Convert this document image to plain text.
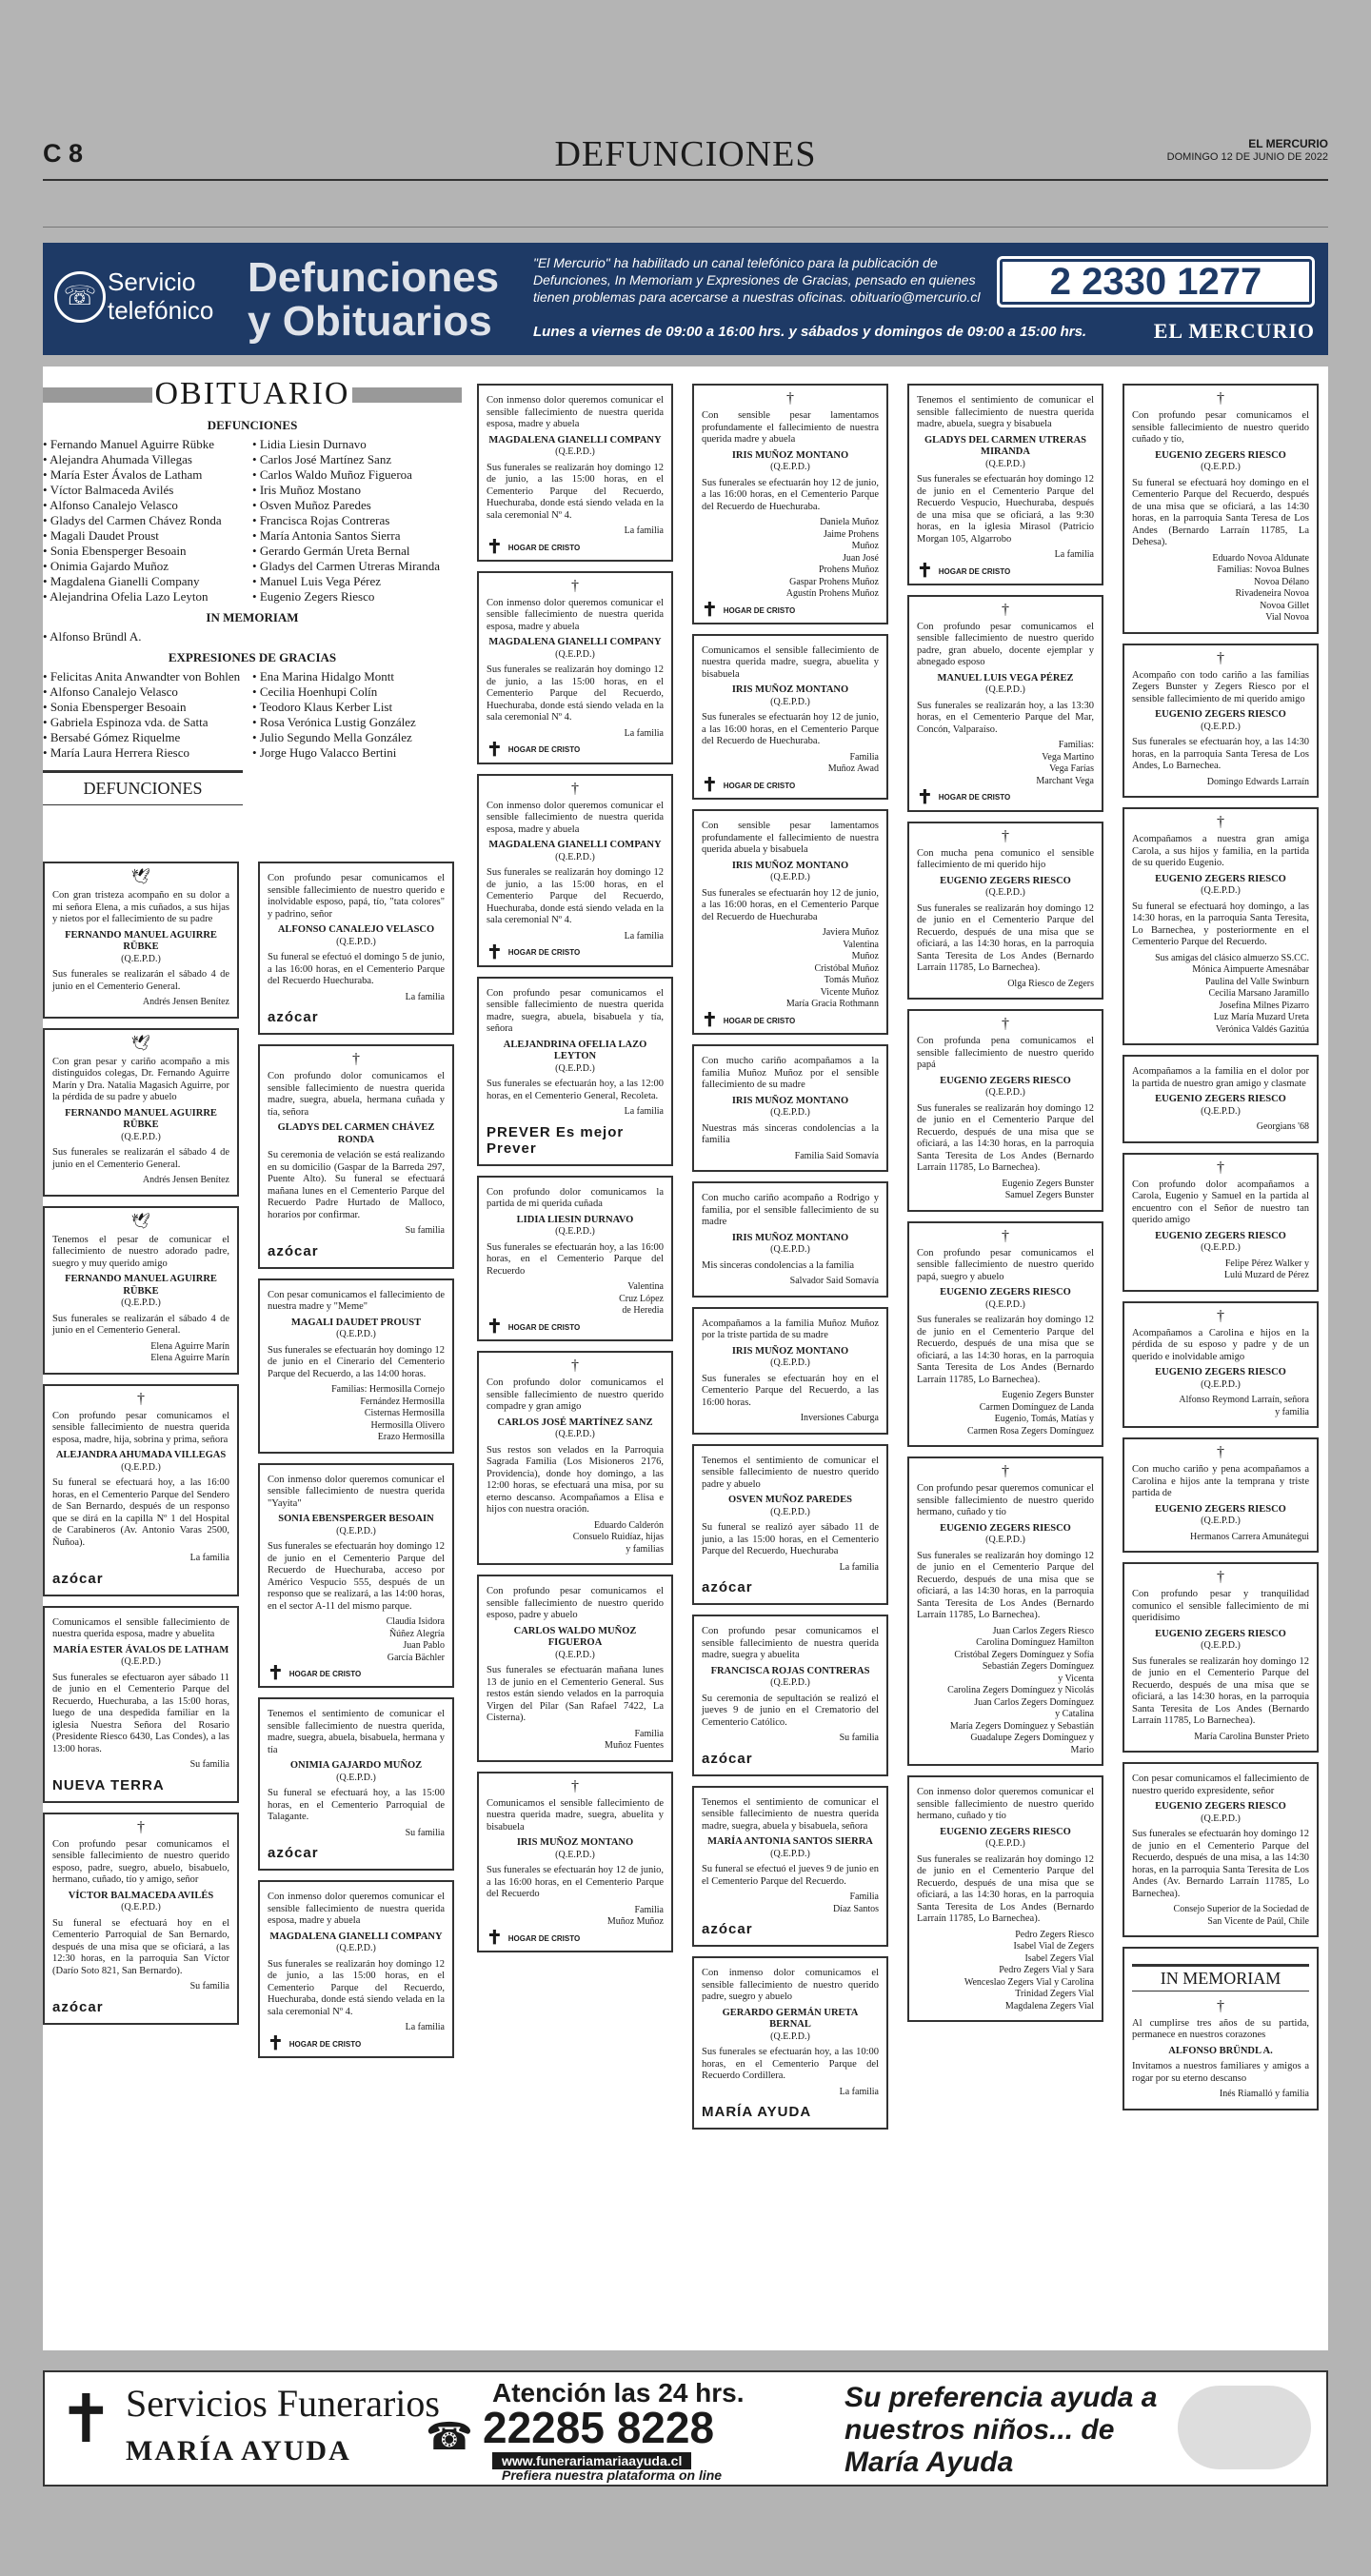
C 8	DEFUNCIONES	EL MERCURIO
DOMINGO 12 DE JUNIO DE 2022
☏ Servicio telefónico
Defunciones
y Obituarios
"El Mercurio" ha habilitado un canal telefónico para la publicación de Defunciones, In Memoriam y Expresiones de Gracias, pensado en quienes tienen problemas para acercarse a nuestras oficinas. obituario@mercurio.cl
Lunes a viernes de 09:00 a 16:00 hrs. y sábados y domingos de 09:00 a 15:00 hrs.
2 2330 1277
EL MERCURIO
OBITUARIO
DEFUNCIONES
• Fernando Manuel Aguirre Rübke
• Alejandra Ahumada Villegas
• María Ester Ávalos de Latham
• Víctor Balmaceda Avilés
• Alfonso Canalejo Velasco
• Gladys del Carmen Chávez Ronda
• Magali Daudet Proust
• Sonia Ebensperger Besoain
• Onimia Gajardo Muñoz
• Magdalena Gianelli Company
• Alejandrina Ofelia Lazo Leyton
• Lidia Liesin Durnavo
• Carlos José Martínez Sanz
• Carlos Waldo Muñoz Figueroa
• Iris Muñoz Mostano
• Osven Muñoz Paredes
• Francisca Rojas Contreras
• María Antonia Santos Sierra
• Gerardo Germán Ureta Bernal
• Gladys del Carmen Utreras Miranda
• Manuel Luis Vega Pérez
• Eugenio Zegers Riesco
IN MEMORIAM
• Alfonso Bründl A.
EXPRESIONES DE GRACIAS
• Felicitas Anita Anwandter von Bohlen
• Alfonso Canalejo Velasco
• Sonia Ebensperger Besoain
• Gabriela Espinoza vda. de Satta
• Bersabé Gómez Riquelme
• María Laura Herrera Riesco
• Ena Marina Hidalgo Montt
• Cecilia Hoenhupi Colín
• Teodoro Klaus Kerber List
• Rosa Verónica Lustig González
• Julio Segundo Mella González
• Jorge Hugo Valacco Bertini
DEFUNCIONES
🕊

Con gran tristeza acompaño en su dolor a mi señora Elena, a mis cuñados, a sus hijas y nietos por el fallecimiento de su padre

FERNANDO MANUEL AGUIRRE RÜBKE
(Q.E.P.D.)

Sus funerales se realizarán el sábado 4 de junio en el Cementerio General.

Andrés Jensen Benítez
🕊

Con gran pesar y cariño acompaño a mis distinguidos colegas, Dr. Fernando Aguirre Marín y Dra. Natalia Magasich Aguirre, por la pérdida de su padre y abuelo

FERNANDO MANUEL AGUIRRE RÜBKE
(Q.E.P.D.)

Sus funerales se realizarán el sábado 4 de junio en el Cementerio General.

Andrés Jensen Benítez
🕊

Tenemos el pesar de comunicar el fallecimiento de nuestro adorado padre, suegro y muy querido amigo

FERNANDO MANUEL AGUIRRE RÜBKE
(Q.E.P.D.)

Sus funerales se realizarán el sábado 4 de junio en el Cementerio General.

Elena Aguirre Marín
Elena Aguirre Marín
†

Con profundo pesar comunicamos el sensible fallecimiento de nuestra querida esposa, madre, hija, sobrina y prima, señora

ALEJANDRA AHUMADA VILLEGAS
(Q.E.P.D.)

Su funeral se efectuará hoy, a las 16:00 horas, en el Cementerio Parque del Sendero de San Bernardo, después de un responso que se dirá en la capilla Nº 1 del Hospital de Carabineros (Av. Antonio Varas 2500, Ñuñoa).

La familia
azócar

Comunicamos el sensible fallecimiento de nuestra querida esposa, madre y abuelita

MARÍA ESTER ÁVALOS DE LATHAM
(Q.E.P.D.)

Sus funerales se efectuaron ayer sábado 11 de junio en el Cementerio Parque del Recuerdo, Huechuraba, a las 15:00 horas, luego de una despedida familiar en la iglesia Nuestra Señora del Rosario (Presidente Riesco 6430, Las Condes), a las 13:00 horas.

Su familia
NUEVA TERRA
†

Con profundo pesar comunicamos el sensible fallecimiento de nuestro querido esposo, padre, suegro, abuelo, bisabuelo, hermano, cuñado, tío y amigo, señor

VÍCTOR BALMACEDA AVILÉS
(Q.E.P.D.)

Su funeral se efectuará hoy en el Cementerio Parroquial de San Bernardo, después de una misa que se oficiará, a las 12:30 horas, en la parroquia San Víctor (Darío Soto 821, San Bernardo).

Su familia
azócar

Con profundo pesar comunicamos el sensible fallecimiento de nuestro querido e inolvidable esposo, papá, tío, "tata colores" y padrino, señor

ALFONSO CANALEJO VELASCO
(Q.E.P.D.)

Su funeral se efectuó el domingo 5 de junio, a las 16:00 horas, en el Cementerio Parque del Recuerdo Huechuraba.

La familia
azócar
†

Con profundo dolor comunicamos el sensible fallecimiento de nuestra querida madre, suegra, abuela, hermana cuñada y tía, señora

GLADYS DEL CARMEN CHÁVEZ RONDA

Su ceremonia de velación se está realizando en su domicilio (Gaspar de la Barreda 297, Puente Alto). Su funeral se efectuará mañana lunes en el Cementerio Parque del Recuerdo Padre Hurtado de Malloco, horarios por confirmar.

Su familia
azócar

Con pesar comunicamos el fallecimiento de nuestra madre y "Meme"

MAGALI DAUDET PROUST
(Q.E.P.D.)

Sus funerales se efectuarán hoy domingo 12 de junio en el Cinerario del Cementerio Parque del Recuerdo, a las 14:00 horas.

Familias: Hermosilla Cornejo
Fernández Hermosilla
Cisternas Hermosilla
Hermosilla Olivero
Erazo Hermosilla

Con inmenso dolor queremos comunicar el sensible fallecimiento de nuestra querida "Yayita"

SONIA EBENSPERGER BESOAIN
(Q.E.P.D.)

Sus funerales se efectuarán hoy domingo 12 de junio en el Cementerio Parque del Recuerdo de Huechuraba, acceso por Américo Vespucio 555, después de un responso que se realizará, a las 14:00 horas, en el sector A-11 del mismo parque.

Claudia Isidora
Ñúñez Alegría
Juan Pablo
García Bächler
✝ HOGAR DE CRISTO

Tenemos el sentimiento de comunicar el sensible fallecimiento de nuestra querida, madre, suegra, abuela, bisabuela, hermana y tía

ONIMIA GAJARDO MUÑOZ
(Q.E.P.D.)

Su funeral se efectuará hoy, a las 15:00 horas, en el Cementerio Parroquial de Talagante.

Su familia
azócar

Con inmenso dolor queremos comunicar el sensible fallecimiento de nuestra querida esposa, madre y abuela

MAGDALENA GIANELLI COMPANY
(Q.E.P.D.)

Sus funerales se realizarán hoy domingo 12 de junio, a las 15:00 horas, en el Cementerio Parque del Recuerdo, Huechuraba, donde está siendo velada en la sala ceremonial Nº 4.

La familia
✝ HOGAR DE CRISTO

Con inmenso dolor queremos comunicar el sensible fallecimiento de nuestra querida esposa, madre y abuela

MAGDALENA GIANELLI COMPANY
(Q.E.P.D.)

Sus funerales se realizarán hoy domingo 12 de junio, a las 15:00 horas, en el Cementerio Parque del Recuerdo, Huechuraba, donde está siendo velada en la sala ceremonial Nº 4.

La familia
✝ HOGAR DE CRISTO
†

Con inmenso dolor queremos comunicar el sensible fallecimiento de nuestra querida esposa, madre y abuela

MAGDALENA GIANELLI COMPANY
(Q.E.P.D.)

Sus funerales se realizarán hoy domingo 12 de junio, a las 15:00 horas, en el Cementerio Parque del Recuerdo, Huechuraba, donde está siendo velada en la sala ceremonial Nº 4.

La familia
✝ HOGAR DE CRISTO
†

Con inmenso dolor queremos comunicar el sensible fallecimiento de nuestra querida esposa, madre y abuela

MAGDALENA GIANELLI COMPANY
(Q.E.P.D.)

Sus funerales se realizarán hoy domingo 12 de junio, a las 15:00 horas, en el Cementerio Parque del Recuerdo, Huechuraba, donde está siendo velada en la sala ceremonial Nº 4.

La familia
✝ HOGAR DE CRISTO

Con profundo pesar comunicamos el sensible fallecimiento de nuestra querida madre, suegra, abuela, bisabuela y tía, señora

ALEJANDRINA OFELIA LAZO LEYTON
(Q.E.P.D.)

Sus funerales se efectuarán hoy, a las 12:00 horas, en el Cementerio General, Recoleta.

La familia
PREVER Es mejor Prever

Con profundo dolor comunicamos la partida de mi querida cuñada

LIDIA LIESIN DURNAVO
(Q.E.P.D.)

Sus funerales se efectuarán hoy, a las 16:00 horas, en el Cementerio Parque del Recuerdo

Valentina
Cruz López
de Heredia
✝ HOGAR DE CRISTO
†

Con profundo dolor comunicamos el sensible fallecimiento de nuestro querido compadre y gran amigo

CARLOS JOSÉ MARTÍNEZ SANZ
(Q.E.P.D.)

Sus restos son velados en la Parroquia Sagrada Familia (Los Misioneros 2176, Providencia), donde hoy domingo, a las 12:00 horas, se efectuará una misa, por su eterno descanso. Acompañamos a Elisa e hijos con nuestra oración.

Eduardo Calderón
Consuelo Ruidíaz, hijas
y familias

Con profundo pesar comunicamos el sensible fallecimiento de nuestro querido esposo, padre y abuelo

CARLOS WALDO MUÑOZ FIGUEROA
(Q.E.P.D.)

Sus funerales se efectuarán mañana lunes 13 de junio en el Cementerio General. Sus restos están siendo velados en la parroquia Virgen del Pilar (San Rafael 7422, La Cisterna).

Familia
Muñoz Fuentes
†

Comunicamos el sensible fallecimiento de nuestra querida madre, suegra, abuelita y bisabuela

IRIS MUÑOZ MONTANO
(Q.E.P.D.)

Sus funerales se efectuarán hoy 12 de junio, a las 16:00 horas, en el Cementerio Parque del Recuerdo

Familia
Muñoz Muñoz
✝ HOGAR DE CRISTO
†

Con sensible pesar lamentamos profundamente el fallecimiento de nuestra querida madre y abuela

IRIS MUÑOZ MONTANO
(Q.E.P.D.)

Sus funerales se efectuarán hoy 12 de junio, a las 16:00 horas, en el Cementerio Parque del Recuerdo de Huechuraba.

Daniela Muñoz
Jaime Prohens
Muñoz
Juan José
Prohens Muñoz
Gaspar Prohens Muñoz
Agustín Prohens Muñoz
✝ HOGAR DE CRISTO

Comunicamos el sensible fallecimiento de nuestra querida madre, suegra, abuelita y bisabuela

IRIS MUÑOZ MONTANO
(Q.E.P.D.)

Sus funerales se efectuarán hoy 12 de junio, a las 16:00 horas, en el Cementerio Parque del Recuerdo de Huechuraba.

Familia
Muñoz Awad
✝ HOGAR DE CRISTO

Con sensible pesar lamentamos profundamente el fallecimiento de nuestra querida abuela y bisabuela

IRIS MUÑOZ MONTANO
(Q.E.P.D.)

Sus funerales se efectuarán hoy 12 de junio, a las 16:00 horas, en el Cementerio Parque del Recuerdo de Huechuraba

Javiera Muñoz
Valentina
Muñoz
Cristóbal Muñoz
Tomás Muñoz
Vicente Muñoz
María Gracia Rothmann
✝ HOGAR DE CRISTO

Con mucho cariño acompañamos a la familia Muñoz Muñoz por el sensible fallecimiento de su madre

IRIS MUÑOZ MONTANO
(Q.E.P.D.)

Nuestras más sinceras condolencias a la familia

Familia Said Somavía

Con mucho cariño acompaño a Rodrigo y familia, por el sensible fallecimiento de su madre

IRIS MUÑOZ MONTANO
(Q.E.P.D.)

Mis sinceras condolencias a la familia

Salvador Said Somavía

Acompañamos a la familia Muñoz Muñoz por la triste partida de su madre

IRIS MUÑOZ MONTANO
(Q.E.P.D.)

Sus funerales se efectuarán hoy en el Cementerio Parque del Recuerdo, a las 16:00 horas.

Inversiones Caburga

Tenemos el sentimiento de comunicar el sensible fallecimiento de nuestro querido padre y abuelo

OSVEN MUÑOZ PAREDES
(Q.E.P.D.)

Su funeral se realizó ayer sábado 11 de junio, a las 15:00 horas, en el Cementerio Parque del Recuerdo, Huechuraba

La familia
azócar

Con profundo pesar comunicamos el sensible fallecimiento de nuestra querida madre, suegra y abuelita

FRANCISCA ROJAS CONTRERAS
(Q.E.P.D.)

Su ceremonia de sepultación se realizó el jueves 9 de junio en el Crematorio del Cementerio Católico.

Su familia
azócar

Tenemos el sentimiento de comunicar el sensible fallecimiento de nuestra querida madre, suegra, abuela y bisabuela, señora

MARÍA ANTONIA SANTOS SIERRA
(Q.E.P.D.)

Su funeral se efectuó el jueves 9 de junio en el Cementerio Parque del Recuerdo.

Familia
Díaz Santos
azócar

Con inmenso dolor comunicamos el sensible fallecimiento de nuestro querido padre, suegro y abuelo

GERARDO GERMÁN URETA BERNAL
(Q.E.P.D.)

Sus funerales se efectuarán hoy, a las 10:00 horas, en el Cementerio Parque del Recuerdo Cordillera.

La familia
MARÍA AYUDA

Tenemos el sentimiento de comunicar el sensible fallecimiento de nuestra querida madre, abuela, suegra y bisabuela

GLADYS DEL CARMEN UTRERAS MIRANDA
(Q.E.P.D.)

Sus funerales se efectuarán hoy domingo 12 de junio en el Cementerio Parque del Recuerdo Vespucio, Huechuraba, después de una misa que se oficiará, a las 9:30 horas, en la iglesia Mirasol (Patricio Morgan 105, Algarrobo

La familia
✝ HOGAR DE CRISTO
†

Con profundo pesar comunicamos el sensible fallecimiento de nuestro querido padre, gran abuelo, docente ejemplar y abnegado esposo

MANUEL LUIS VEGA PÉREZ
(Q.E.P.D.)

Sus funerales se realizarán hoy, a las 13:30 horas, en el Cementerio Parque del Mar, Concón, Valparaíso.

Familias:
Vega Martino
Vega Farías
Marchant Vega
✝ HOGAR DE CRISTO
†

Con mucha pena comunico el sensible fallecimiento de mi querido hijo

EUGENIO ZEGERS RIESCO
(Q.E.P.D.)

Sus funerales se realizarán hoy domingo 12 de junio en el Cementerio Parque del Recuerdo, después de una misa que se oficiará, a las 14:30 horas, en la parroquia Santa Teresita de Los Andes (Bernardo Larraín 11785, Lo Barnechea).

Olga Riesco de Zegers
†

Con profunda pena comunicamos el sensible fallecimiento de nuestro querido papá

EUGENIO ZEGERS RIESCO
(Q.E.P.D.)

Sus funerales se realizarán hoy domingo 12 de junio en el Cementerio Parque del Recuerdo, después de una misa que se oficiará, a las 14:30 horas, en la parroquia Santa Teresita de Los Andes (Bernardo Larraín 11785, Lo Barnechea).

Eugenio Zegers Bunster
Samuel Zegers Bunster
†

Con profundo pesar comunicamos el sensible fallecimiento de nuestro querido papá, suegro y abuelo

EUGENIO ZEGERS RIESCO
(Q.E.P.D.)

Sus funerales se realizarán hoy domingo 12 de junio en el Cementerio Parque del Recuerdo, después de una misa que se oficiará, a las 14:30 horas, en la parroquia Santa Teresita de Los Andes (Bernardo Larraín 11785, Lo Barnechea).

Eugenio Zegers Bunster
Carmen Domínguez de Landa
Eugenio, Tomás, Matías y
Carmen Rosa Zegers Domínguez
†

Con profundo pesar queremos comunicar el sensible fallecimiento de nuestro querido hermano, cuñado y tío

EUGENIO ZEGERS RIESCO
(Q.E.P.D.)

Sus funerales se realizarán hoy domingo 12 de junio en el Cementerio Parque del Recuerdo, después de una misa que se oficiará, a las 14:30 horas, en la parroquia Santa Teresita de Los Andes (Bernardo Larraín 11785, Lo Barnechea).

Juan Carlos Zegers Riesco
Carolina Domínguez Hamilton
Cristóbal Zegers Domínguez y Sofía
Sebastián Zegers Domínguez
y Vicenta
Carolina Zegers Domínguez y Nicolás
Juan Carlos Zegers Domínguez
y Catalina
María Zegers Domínguez y Sebastián
Guadalupe Zegers Domínguez y
Mario

Con inmenso dolor queremos comunicar el sensible fallecimiento de nuestro querido hermano, cuñado y tío

EUGENIO ZEGERS RIESCO
(Q.E.P.D.)

Sus funerales se realizarán hoy domingo 12 de junio en el Cementerio Parque del Recuerdo, después de una misa que se oficiará, a las 14:30 horas, en la parroquia Santa Teresita de Los Andes (Bernardo Larraín 11785, Lo Barnechea).

Pedro Zegers Riesco
Isabel Vial de Zegers
Isabel Zegers Vial
Pedro Zegers Vial y Sara
Wenceslao Zegers Vial y Carolina
Trinidad Zegers Vial
Magdalena Zegers Vial
†

Con profundo pesar comunicamos el sensible fallecimiento de nuestro querido cuñado y tío,

EUGENIO ZEGERS RIESCO
(Q.E.P.D.)

Su funeral se efectuará hoy domingo en el Cementerio Parque del Recuerdo, después de una misa que se oficiará, a las 14:30 horas, en la parroquia Santa Teresa de Los Andes (Bernardo Larraín 11785, La Dehesa).

Eduardo Novoa Aldunate
Familias: Novoa Bulnes
Novoa Délano
Rivadeneira Novoa
Novoa Gillet
Vial Novoa
†

Acompaño con todo cariño a las familias Zegers Bunster y Zegers Riesco por el sensible fallecimiento de mi querido amigo

EUGENIO ZEGERS RIESCO
(Q.E.P.D.)

Sus funerales se efectuarán hoy, a las 14:30 horas, en la parroquia Santa Teresa de Los Andes, Lo Barnechea.

Domingo Edwards Larraín
†

Acompañamos a nuestra gran amiga Carola, a sus hijos y familia, en la partida de su querido Eugenio.

EUGENIO ZEGERS RIESCO
(Q.E.P.D.)

Su funeral se efectuará hoy domingo, a las 14:30 horas, en la parroquia Santa Teresita, Lo Barnechea, y posteriormente en el Cementerio Parque del Recuerdo.

Sus amigas del clásico almuerzo SS.CC.
Mónica Aimpuerte Amesnábar
Paulina del Valle Swinburn
Cecilia Marsano Jaramillo
Josefina Milnes Pizarro
Luz María Muzard Ureta
Verónica Valdés Gazitúa

Acompañamos a la familia en el dolor por la partida de nuestro gran amigo y clasmate

EUGENIO ZEGERS RIESCO
(Q.E.P.D.)
Georgians '68
†

Con profundo dolor acompañamos a Carola, Eugenio y Samuel en la partida al encuentro con el Señor de nuestro tan querido amigo

EUGENIO ZEGERS RIESCO
(Q.E.P.D.)
Felipe Pérez Walker y
Lulú Muzard de Pérez
†

Acompañamos a Carolina e hijos en la pérdida de su esposo y padre y de un querido e inolvidable amigo

EUGENIO ZEGERS RIESCO
(Q.E.P.D.)
Alfonso Reymond Larraín, señora
y familia
†

Con mucho cariño y pena acompañamos a Carolina e hijos ante la temprana y triste partida de

EUGENIO ZEGERS RIESCO
(Q.E.P.D.)
Hermanos Carrera Amunátegui
†

Con profundo pesar y tranquilidad comunico el sensible fallecimiento de mi queridísimo

EUGENIO ZEGERS RIESCO
(Q.E.P.D.)

Sus funerales se realizarán hoy domingo 12 de junio en el Cementerio Parque del Recuerdo, después de una misa que se oficiará, a las 14:30 horas, en la parroquia Santa Teresita de Los Andes (Bernardo Larraín 11785, Lo Barnechea).

María Carolina Bunster Prieto

Con pesar comunicamos el fallecimiento de nuestro querido expresidente, señor

EUGENIO ZEGERS RIESCO
(Q.E.P.D.)

Sus funerales se efectuarán hoy domingo 12 de junio en el Cementerio Parque del Recuerdo, después de una misa, a las 14:30 horas, en la parroquia Santa Teresita de Los Andes (Av. Bernardo Larraín 11785, Lo Barnechea).

Consejo Superior de la Sociedad de
San Vicente de Paúl, Chile
IN MEMORIAM
†

Al cumplirse tres años de su partida, permanece en nuestros corazones

ALFONSO BRÜNDL A.

Invitamos a nuestros familiares y amigos a rogar por su eterno descanso

Inés Riamalló y familia
✝ Servicios Funerarios
MARÍA AYUDA ☎
Atención las 24 hrs.
22285 8228
www.funerariamariaayuda.cl
Prefiera nuestra plataforma on line
Su preferencia ayuda a nuestros niños... de María Ayuda
